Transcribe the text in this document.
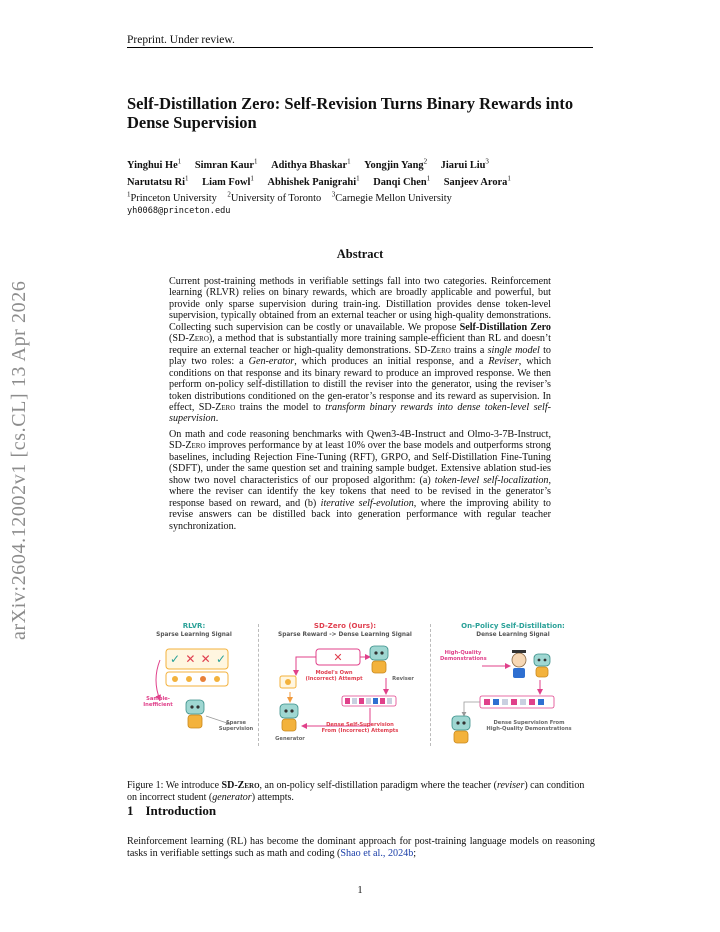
Preprint. Under review.
Self-Distillation Zero: Self-Revision Turns Binary Rewards into Dense Supervision
Yinghui He$^1$ Simran Kaur$^1$ Adithya Bhaskar$^1$ Yongjin Yang$^2$ Jiarui Liu$^3$
Narutatsu Ri$^1$ Liam Fowl$^1$ Abhishek Panigrahi$^1$ Danqi Chen$^1$ Sanjeev Arora$^1$
$^1$Princeton University $^2$University of Toronto $^3$Carnegie Mellon University
yh0068@princeton.edu
arXiv:2604.12002v1 [cs.CL] 13 Apr 2026
Abstract

Current post-training methods in verifiable settings fall into two categories. Reinforcement learning (RLVR) relies on binary rewards, which are broadly applicable and powerful, but provide only sparse supervision during train-ing. Distillation provides dense token-level supervision, typically obtained from an external teacher or using high-quality demonstrations. Collecting such supervision can be costly or unavailable. We propose Self-Distillation Zero (SD-Zero), a method that is substantially more training sample-efficient than RL and doesn’t require an external teacher or high-quality demonstrations. SD-Zero trains a single model to play two roles: a Gen-erator, which produces an initial response, and a Reviser, which conditions on that response and its binary reward to produce an improved response. We then perform on-policy self-distillation to distill the reviser into the generator, using the reviser’s token distributions conditioned on the gen-erator’s response and its reward as supervision. In effect, SD-Zero trains the model to transform binary rewards into dense token-level self-supervision.

On math and code reasoning benchmarks with Qwen3-4B-Instruct and Olmo-3-7B-Instruct, SD-Zero improves performance by at least 10% over the base models and outperforms strong baselines, including Rejection Fine-Tuning (RFT), GRPO, and Self-Distillation Fine-Tuning (SDFT), under the same question set and training sample budget. Extensive ablation stud-ies show two novel characteristics of our proposed algorithm: (a) token-level self-localization, where the reviser can identify the key tokens that need to be revised in the generator’s response based on reward, and (b) iterative self-evolution, where the improving ability to revise answers can be distilled back into generation performance with regular teacher synchronization.

✕
✓ ✕ ✕ ✓
RLVR:
Sparse Learning Signal
Sample-
Inefficient
Sparse
Supervision
SD-Zero (Ours):
Sparse Reward -> Dense Learning Signal
Model's Own
(Incorrect) Attempt	Reviser
Generator
Dense Self-Supervision
From (Incorrect) Attempts
On-Policy Self-Distillation:
Dense Learning Signal
High-Quality
Demonstrations
Dense Supervision From
High-Quality Demonstrations
Figure 1: We introduce SD-Zero, an on-policy self-distillation paradigm where the teacher (reviser) can condition on incorrect student (generator) attempts.
1 Introduction
Reinforcement learning (RL) has become the dominant approach for post-training language models on reasoning tasks in verifiable settings such as math and coding (Shao et al., 2024b;
1
